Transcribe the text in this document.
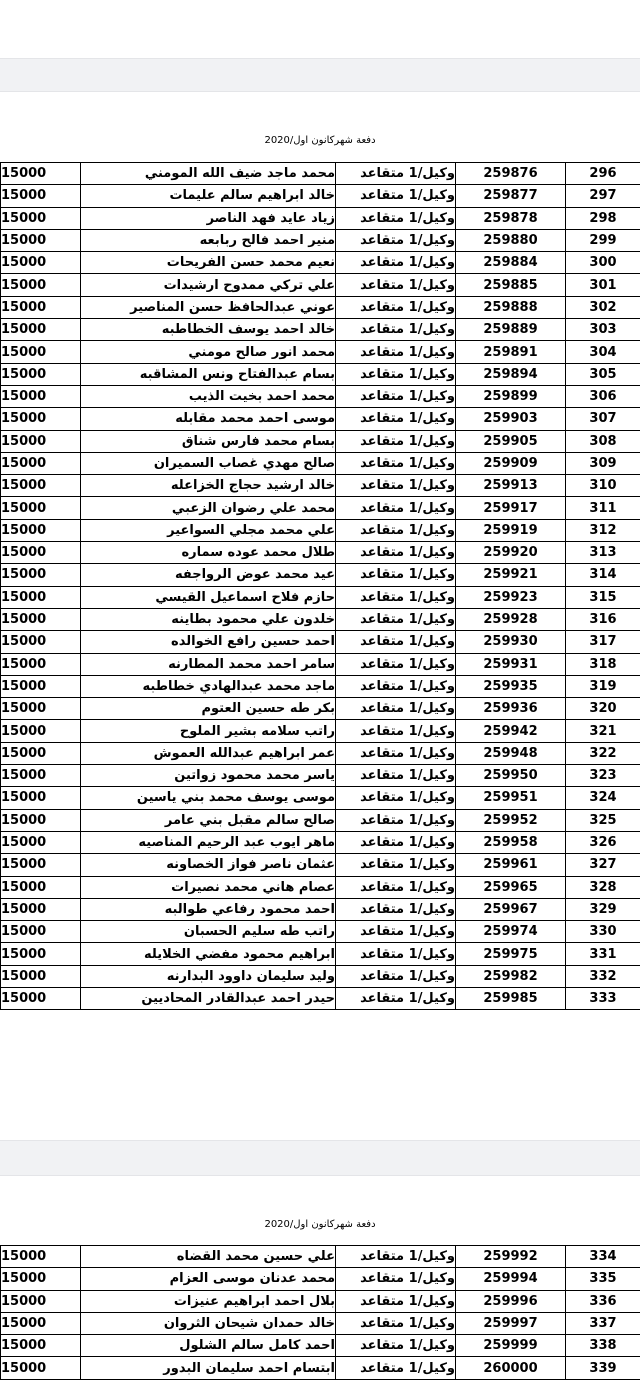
دفعة شهركانون اول/2020
15000	محمد ماجد ضيف الله المومني	وكيل/1 متقاعد	259876	296
15000	خالد ابراهيم سالم عليمات	وكيل/1 متقاعد	259877	297
15000	زياد عايد فهد الناصر	وكيل/1 متقاعد	259878	298
15000	منير احمد فالح ربابعه	وكيل/1 متقاعد	259880	299
15000	نعيم محمد حسن الفريحات	وكيل/1 متقاعد	259884	300
15000	علي تركي ممدوح ارشيدات	وكيل/1 متقاعد	259885	301
15000	عوني عبدالحافظ حسن المناصير	وكيل/1 متقاعد	259888	302
15000	خالد احمد يوسف الخطاطبه	وكيل/1 متقاعد	259889	303
15000	محمد انور صالح مومني	وكيل/1 متقاعد	259891	304
15000	بسام عبدالفتاح ونس المشاقبه	وكيل/1 متقاعد	259894	305
15000	محمد احمد بخيت الذيب	وكيل/1 متقاعد	259899	306
15000	موسى احمد محمد مقابله	وكيل/1 متقاعد	259903	307
15000	بسام محمد فارس شناق	وكيل/1 متقاعد	259905	308
15000	صالح مهدي غصاب السميران	وكيل/1 متقاعد	259909	309
15000	خالد ارشيد حجاج الخزاعله	وكيل/1 متقاعد	259913	310
15000	محمد علي رضوان الزعبي	وكيل/1 متقاعد	259917	311
15000	علي محمد مجلي السواعير	وكيل/1 متقاعد	259919	312
15000	طلال محمد عوده سماره	وكيل/1 متقاعد	259920	313
15000	عيد محمد عوض الرواجفه	وكيل/1 متقاعد	259921	314
15000	حازم فلاح اسماعيل القيسي	وكيل/1 متقاعد	259923	315
15000	خلدون علي محمود بطاينه	وكيل/1 متقاعد	259928	316
15000	احمد حسين رافع الخوالده	وكيل/1 متقاعد	259930	317
15000	سامر احمد محمد المطارنه	وكيل/1 متقاعد	259931	318
15000	ماجد محمد عبدالهادي خطاطبه	وكيل/1 متقاعد	259935	319
15000	بكر طه حسين العتوم	وكيل/1 متقاعد	259936	320
15000	راتب سلامه بشير الملوح	وكيل/1 متقاعد	259942	321
15000	عمر ابراهيم عبدالله العموش	وكيل/1 متقاعد	259948	322
15000	ياسر محمد محمود زواتين	وكيل/1 متقاعد	259950	323
15000	موسى يوسف محمد بني ياسين	وكيل/1 متقاعد	259951	324
15000	صالح سالم مقبل بني عامر	وكيل/1 متقاعد	259952	325
15000	ماهر ايوب عبد الرحيم المناصيه	وكيل/1 متقاعد	259958	326
15000	عثمان ناصر فواز الخصاونه	وكيل/1 متقاعد	259961	327
15000	عصام هاني محمد نصيرات	وكيل/1 متقاعد	259965	328
15000	احمد محمود رفاعي طوالبه	وكيل/1 متقاعد	259967	329
15000	راتب طه سليم الحسبان	وكيل/1 متقاعد	259974	330
15000	ابراهيم محمود مفضي الخلايله	وكيل/1 متقاعد	259975	331
15000	وليد سليمان داوود البدارنه	وكيل/1 متقاعد	259982	332
15000	حيدر احمد عبدالقادر المحاديين	وكيل/1 متقاعد	259985	333
دفعة شهركانون اول/2020
15000	علي حسين محمد القضاه	وكيل/1 متقاعد	259992	334
15000	محمد عدنان موسى العزام	وكيل/1 متقاعد	259994	335
15000	بلال احمد ابراهيم عنيزات	وكيل/1 متقاعد	259996	336
15000	خالد حمدان شيحان الثروان	وكيل/1 متقاعد	259997	337
15000	احمد كامل سالم الشلول	وكيل/1 متقاعد	259999	338
15000	ابتسام احمد سليمان البدور	وكيل/1 متقاعد	260000	339
